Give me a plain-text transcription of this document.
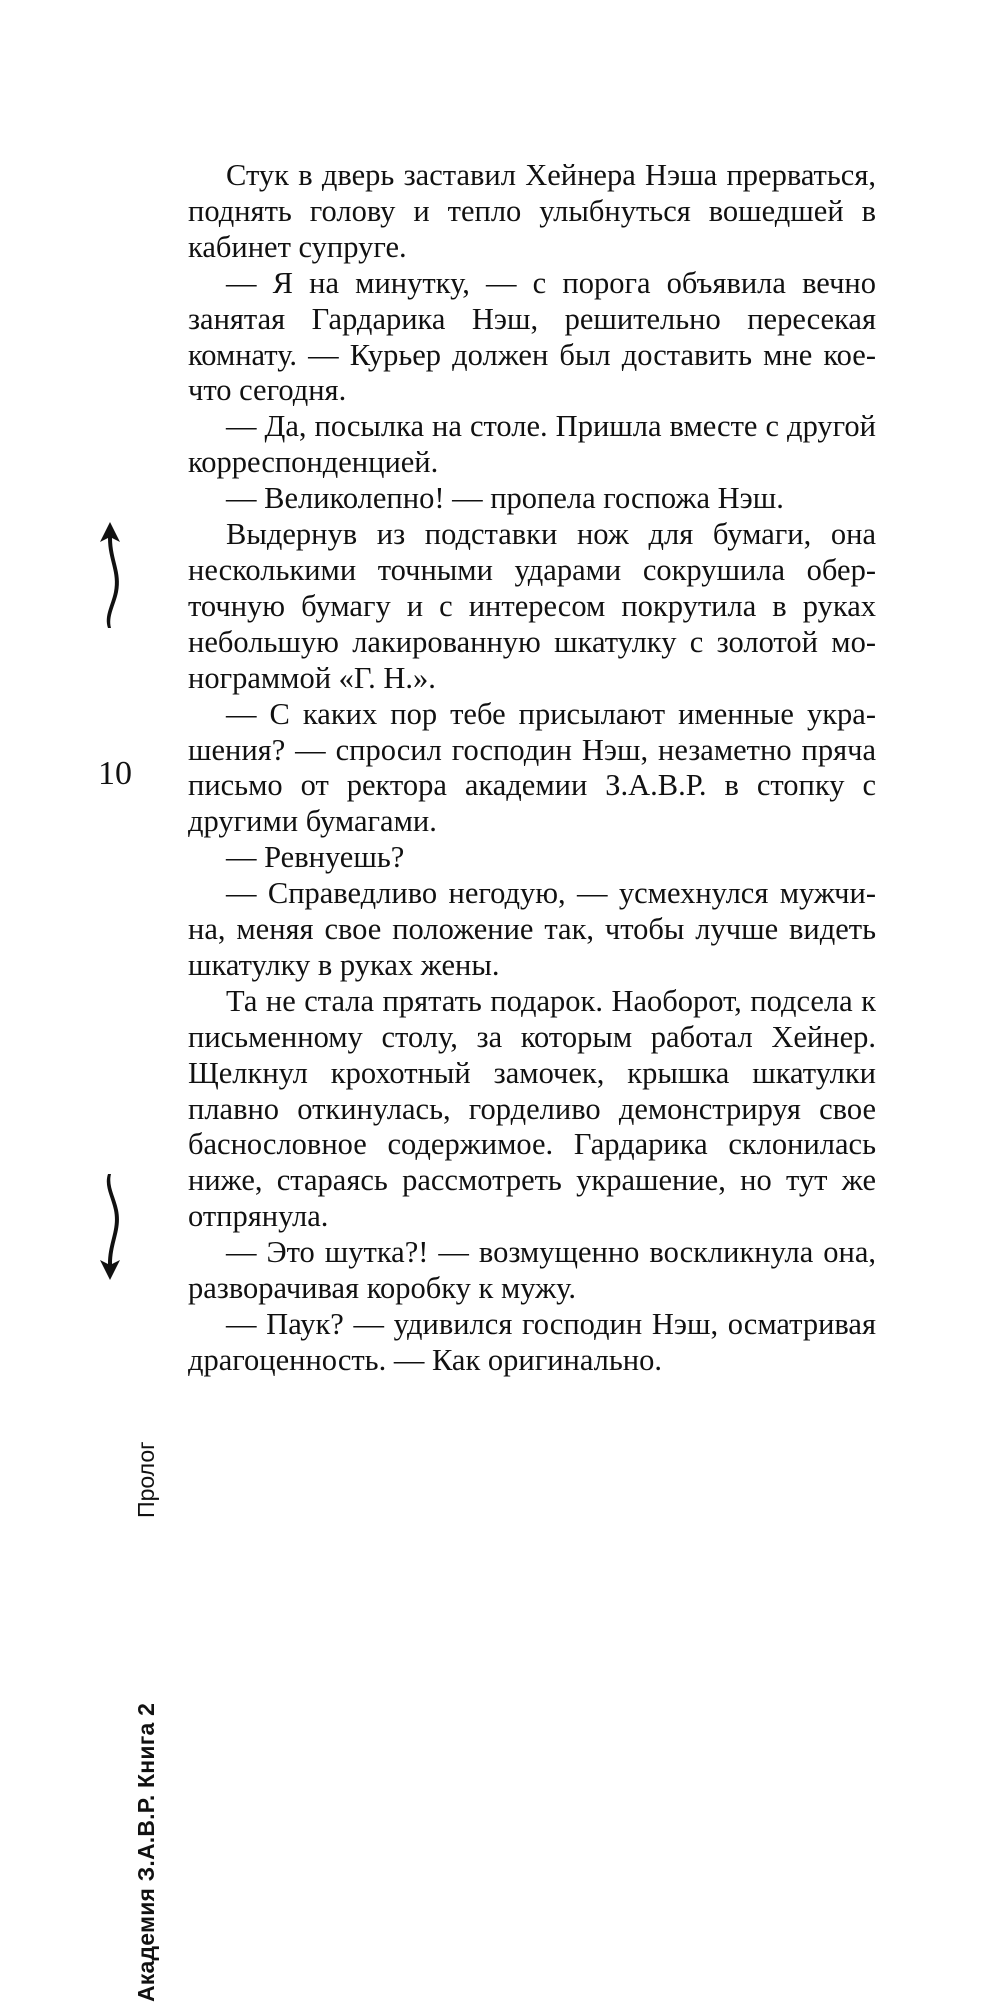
Академия З.А.В.Р. Книга 2
Пролог
10

Стук в дверь заставил Хейнера Нэша прерваться, поднять голову и тепло улыбнуться вошедшей в кабинет супруге.

— Я на минутку, — с порога объявила вечно занятая Гардарика Нэш, решительно пересекая комнату. — Курьер должен был доставить мне коечто сегодня.

— Да, посылка на столе. Пришла вместе с другой корреспонденцией.

— Великолепно! — пропела госпожа Нэш.

Выдернув из подставки нож для бумаги, она несколькими точными ударами сокрушила оберточную бумагу и с интересом покрутила в руках небольшую лакированную шкатулку с золотой монограммой «Г. Н.».

— С каких пор тебе присылают именные украшения? — спросил господин Нэш, незаметно пряча письмо от ректора академии З.А.В.Р. в стопку с другими бумагами.

— Ревнуешь?

— Справедливо негодую, — усмехнулся мужчина, меняя свое положение так, чтобы лучше видеть шкатулку в руках жены.

Та не стала прятать подарок. Наоборот, подсела к письменному столу, за которым работал Хейнер. Щелкнул крохотный замочек, крышка шкатулки плавно откинулась, горделиво демонстрируя свое баснословное содержимое. Гардарика склонилась ниже, стараясь рассмотреть украшение, но тут же отпрянула.

— Это шутка?! — возмущенно воскликнула она, разворачивая коробку к мужу.

— Паук? — удивился господин Нэш, осматривая драгоценность. — Как оригинально.
